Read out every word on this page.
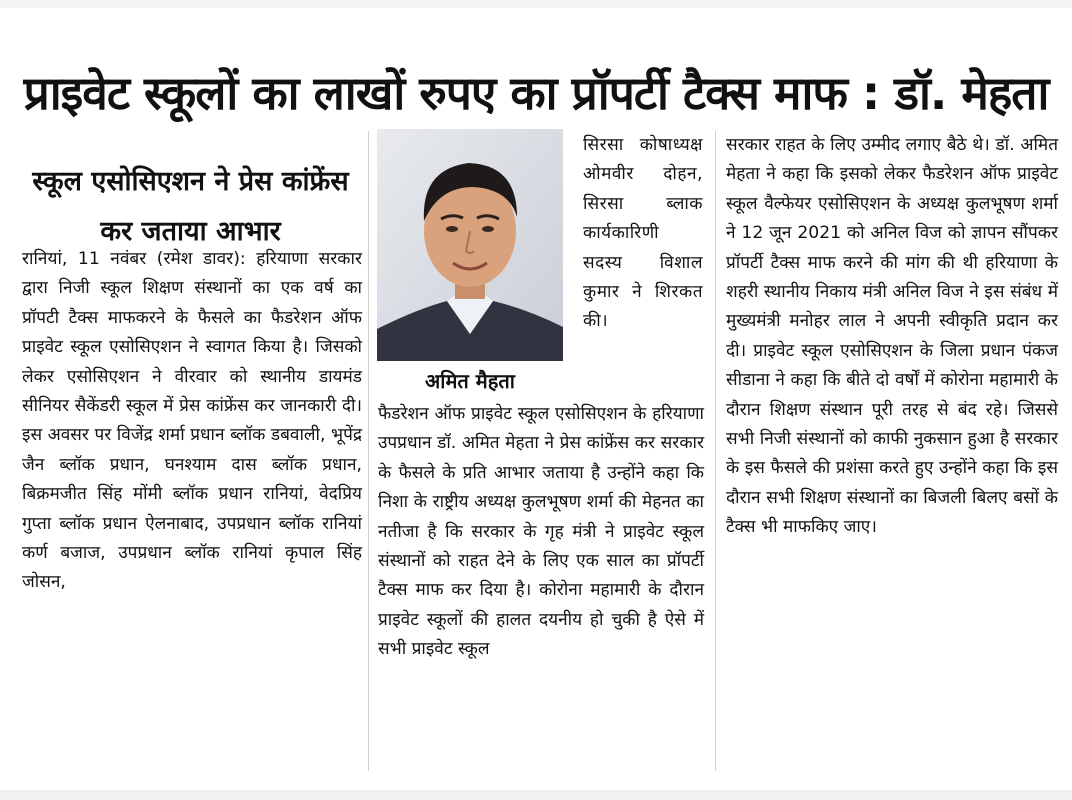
प्राइवेट स्कूलों का लाखों रुपए का प्रॉपर्टी टैक्स माफ : डॉ. मेहता
स्कूल एसोसिएशन ने प्रेस कांफ्रेंस कर जताया आभार

रानियां, 11 नवंबर (रमेश डावर): हरियाणा सरकार द्वारा निजी स्कूल शिक्षण संस्थानों का एक वर्ष का प्रॉपटी टैक्स माफकरने के फैसले का फैडरेशन ऑफ प्राइवेट स्कूल एसोसिएशन ने स्वागत किया है। जिसको लेकर एसोसिएशन ने वीरवार को स्थानीय डायमंड सीनियर सैकेंडरी स्कूल में प्रेस कांफ्रेंस कर जानकारी दी। इस अवसर पर विजेंद्र शर्मा प्रधान ब्लॉक डबवाली, भूपेंद्र जैन ब्लॉक प्रधान, घनश्याम दास ब्लॉक प्रधान, बिक्रमजीत सिंह मोंमी ब्लॉक प्रधान रानियां, वेदप्रिय गुप्ता ब्लॉक प्रधान ऐलनाबाद, उपप्रधान ब्लॉक रानियां कर्ण बजाज, उपप्रधान ब्लॉक रानियां कृपाल सिंह जोसन,

अमित मैहता

सिरसा कोषाध्यक्ष ओमवीर दोहन, सिरसा ब्लाक कार्यकारिणी सदस्य विशाल कुमार ने शिरकत की।

फैडरेशन ऑफ प्राइवेट स्कूल एसोसिएशन के हरियाणा उपप्रधान डॉ. अमित मेहता ने प्रेस कांफ्रेंस कर सरकार के फैसले के प्रति आभार जताया है उन्होंने कहा कि निशा के राष्ट्रीय अध्यक्ष कुलभूषण शर्मा की मेहनत का नतीजा है कि सरकार के गृह मंत्री ने प्राइवेट स्कूल संस्थानों को राहत देने के लिए एक साल का प्रॉपर्टी टैक्स माफ कर दिया है। कोरोना महामारी के दौरान प्राइवेट स्कूलों की हालत दयनीय हो चुकी है ऐसे में सभी प्राइवेट स्कूल

सरकार राहत के लिए उम्मीद लगाए बैठे थे। डॉ. अमित मेहता ने कहा कि इसको लेकर फैडरेशन ऑफ प्राइवेट स्कूल वैल्फेयर एसोसिएशन के अध्यक्ष कुलभूषण शर्मा ने 12 जून 2021 को अनिल विज को ज्ञापन सौंपकर प्रॉपर्टी टैक्स माफ करने की मांग की थी हरियाणा के शहरी स्थानीय निकाय मंत्री अनिल विज ने इस संबंध में मुख्यमंत्री मनोहर लाल ने अपनी स्वीकृति प्रदान कर दी। प्राइवेट स्कूल एसोसिएशन के जिला प्रधान पंकज सीडाना ने कहा कि बीते दो वर्षों में कोरोना महामारी के दौरान शिक्षण संस्थान पूरी तरह से बंद रहे। जिससे सभी निजी संस्थानों को काफी नुकसान हुआ है सरकार के इस फैसले की प्रशंसा करते हुए उन्होंने कहा कि इस दौरान सभी शिक्षण संस्थानों का बिजली बिलए बसों के टैक्स भी माफकिए जाए।
